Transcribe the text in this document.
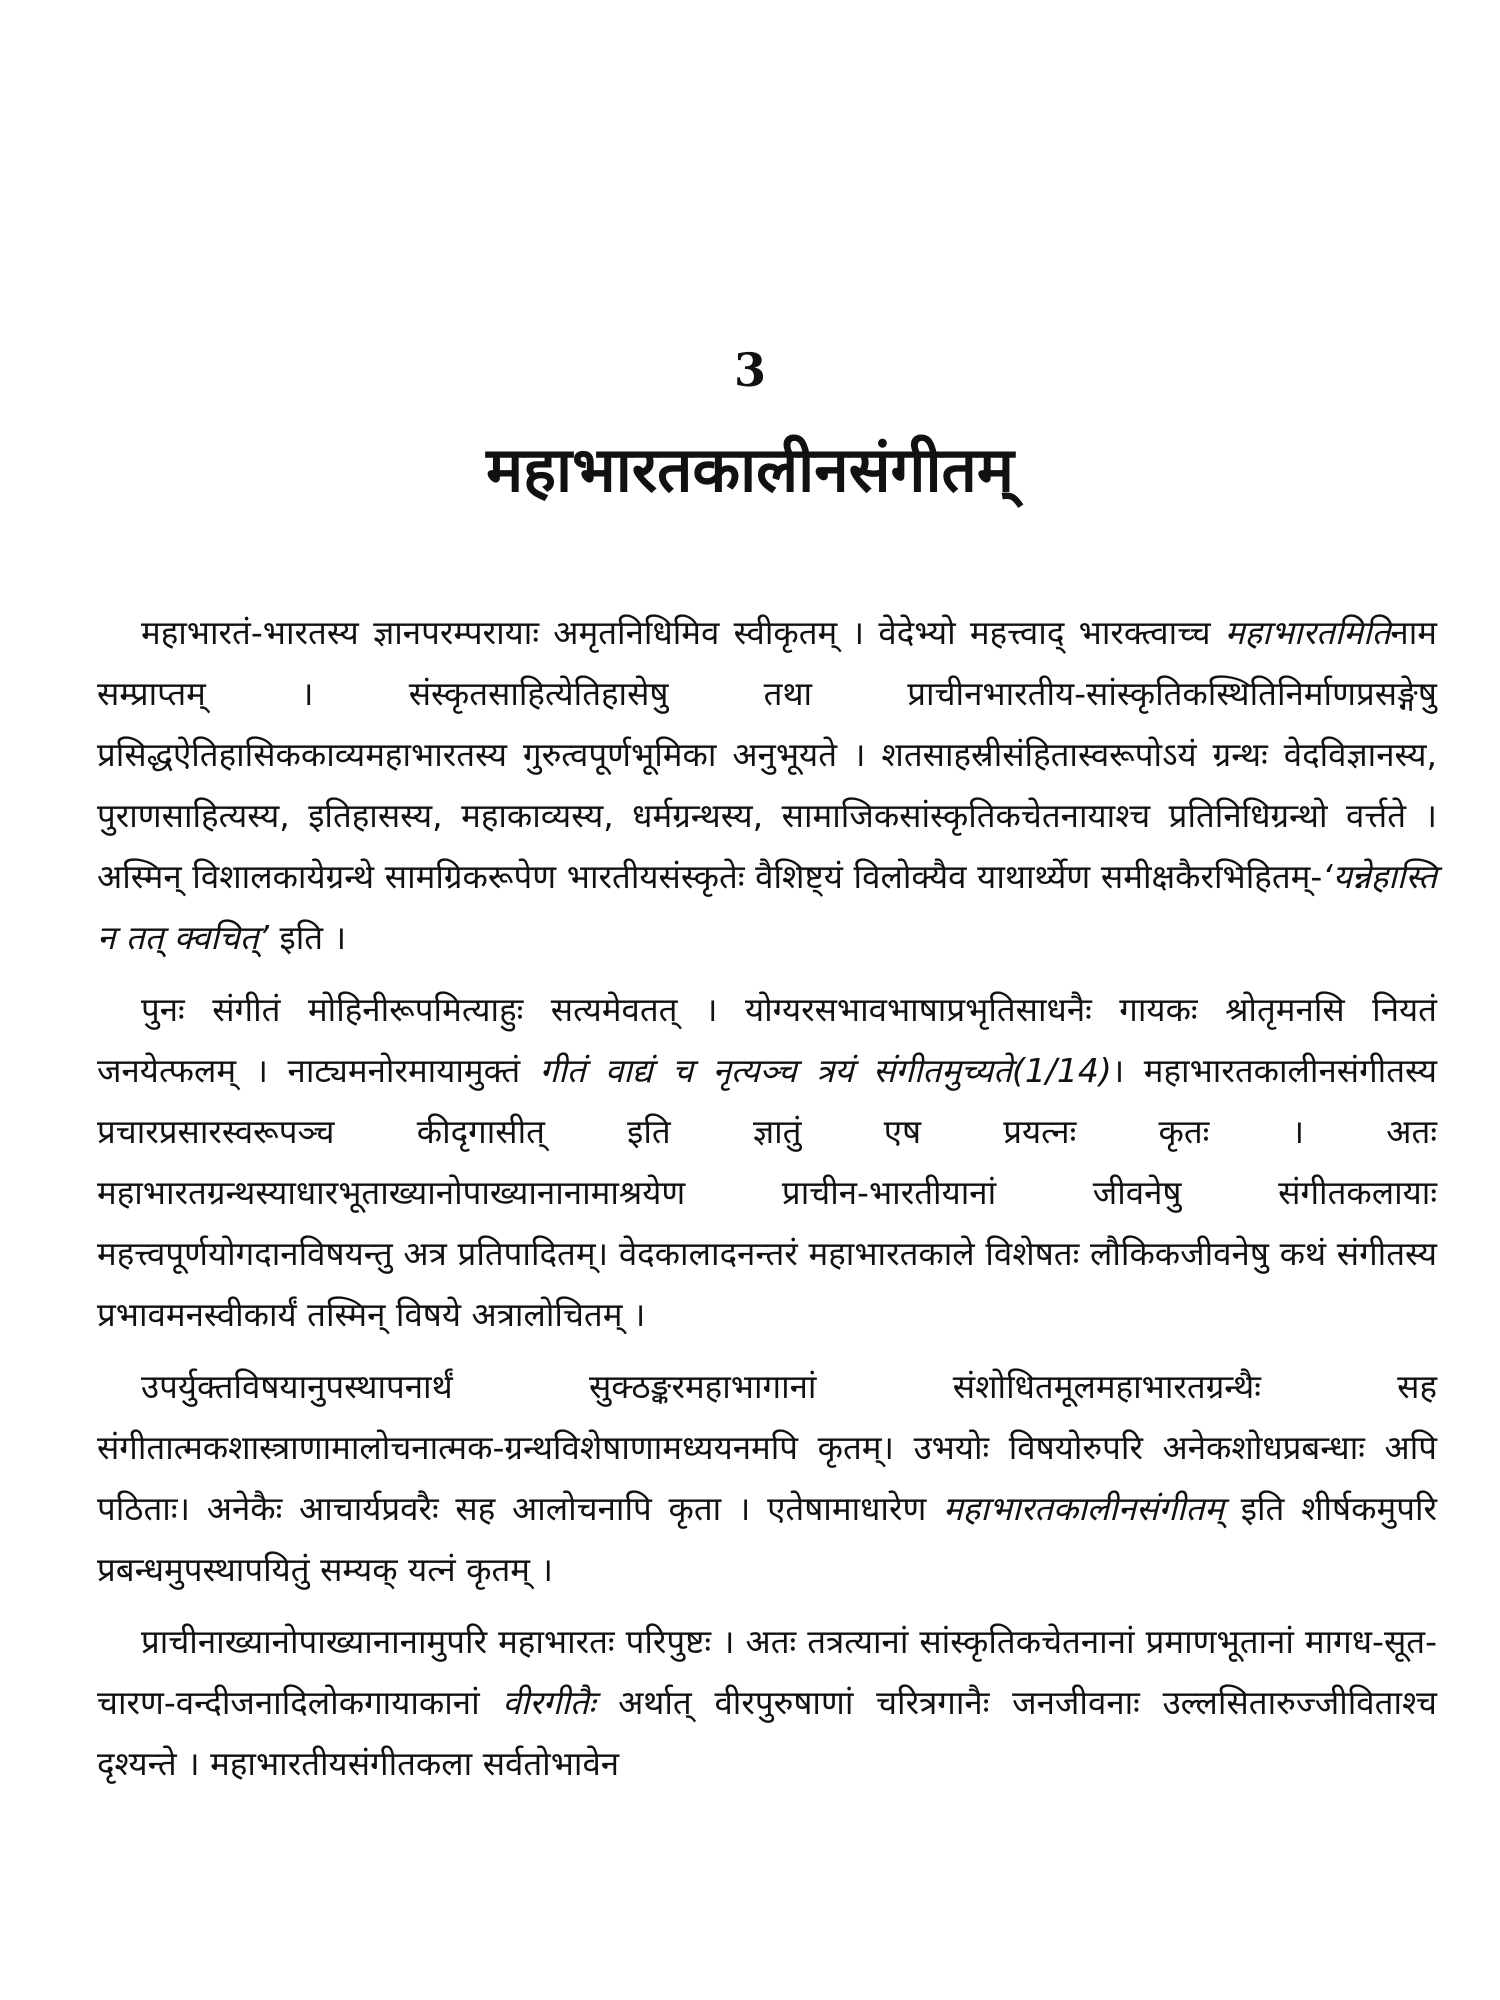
3
महाभारतकालीनसंगीतम्

महाभारतं-भारतस्य ज्ञानपरम्परायाः अमृतनिधिमिव स्वीकृतम् । वेदेभ्यो महत्त्वाद् भारक्त्वाच्च महाभारतमितिनाम सम्प्राप्तम् । संस्कृतसाहित्येतिहासेषु तथा प्राचीनभारतीय-सांस्कृतिकस्थितिनिर्माणप्रसङ्गेषु प्रसिद्धऐतिहासिककाव्यमहाभारतस्य गुरुत्वपूर्णभूमिका अनुभूयते । शतसाहस्रीसंहितास्वरूपोऽयं ग्रन्थः वेदविज्ञानस्य, पुराणसाहित्यस्य, इतिहासस्य, महाकाव्यस्य, धर्मग्रन्थस्य, सामाजिकसांस्कृतिकचेतनायाश्च प्रतिनिधिग्रन्थो वर्त्तते । अस्मिन् विशालकायेग्रन्थे सामग्रिकरूपेण भारतीयसंस्कृतेः वैशिष्ट्यं विलोक्यैव याथार्थ्येण समीक्षकैरभिहितम्-‘यन्नेहास्ति न तत् क्वचित्’ इति ।

पुनः संगीतं मोहिनीरूपमित्याहुः सत्यमेवतत् । योग्यरसभावभाषाप्रभृतिसाधनैः गायकः श्रोतृमनसि नियतं जनयेत्फलम् । नाट्यमनोरमायामुक्तं गीतं वाद्यं च नृत्यञ्च त्रयं संगीतमुच्यते(1/14)। महाभारतकालीनसंगीतस्य प्रचारप्रसारस्वरूपञ्च कीदृगासीत् इति ज्ञातुं एष प्रयत्नः कृतः । अतः महाभारतग्रन्थस्याधारभूताख्यानोपाख्यानानामाश्रयेण प्राचीन-भारतीयानां जीवनेषु संगीतकलायाः महत्त्वपूर्णयोगदानविषयन्तु अत्र प्रतिपादितम्। वेदकालादनन्तरं महाभारतकाले विशेषतः लौकिकजीवनेषु कथं संगीतस्य प्रभावमनस्वीकार्यं तस्मिन् विषये अत्रालोचितम् ।

उपर्युक्तविषयानुपस्थापनार्थं सुक्ठङ्करमहाभागानां संशोधितमूलमहाभारतग्रन्थैः सह संगीतात्मकशास्त्राणामालोचनात्मक-ग्रन्थविशेषाणामध्ययनमपि कृतम्। उभयोः विषयोरुपरि अनेकशोधप्रबन्धाः अपि पठिताः। अनेकैः आचार्यप्रवरैः सह आलोचनापि कृता । एतेषामाधारेण महाभारतकालीनसंगीतम् इति शीर्षकमुपरि प्रबन्धमुपस्थापयितुं सम्यक् यत्नं कृतम् ।

प्राचीनाख्यानोपाख्यानानामुपरि महाभारतः परिपुष्टः । अतः तत्रत्यानां सांस्कृतिकचेतनानां प्रमाणभूतानां मागध-सूत-चारण-वन्दीजनादिलोकगायाकानां वीरगीतैः अर्थात् वीरपुरुषाणां चरित्रगानैः जनजीवनाः उल्लसितारुज्जीविताश्च दृश्यन्ते । महाभारतीयसंगीतकला सर्वतोभावेन
